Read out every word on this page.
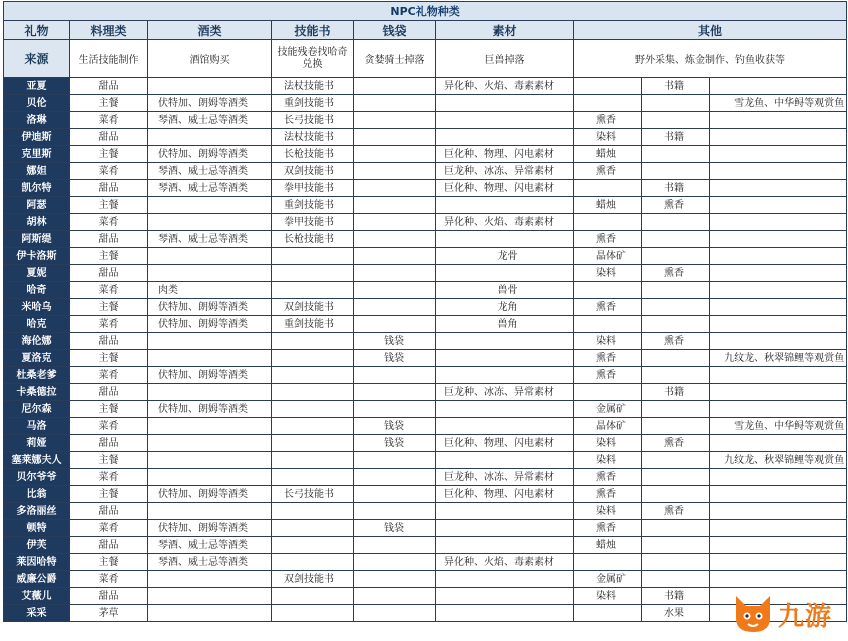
NPC礼物种类								
礼物	料理类	酒类	技能书	钱袋	素材	其他		
来源	生活技能制作	酒馆购买	技能残卷找哈奇兑换	贪婪骑士掉落	巨兽掉落	野外采集、炼金制作、钓鱼收获等		
亚夏	甜品		法杖技能书		异化种、火焰、毒素素材		书籍	
贝伦	主餐	伏特加、朗姆等酒类	重剑技能书					雪龙鱼、中华鲟等观赏鱼
洛琳	菜肴	琴酒、威士忌等酒类	长弓技能书			熏香		
伊迪斯	甜品		法杖技能书			染料	书籍	
克里斯	主餐	伏特加、朗姆等酒类	长枪技能书		巨化种、物理、闪电素材	蜡烛		
娜妲	菜肴	琴酒、威士忌等酒类	双剑技能书		巨龙种、冰冻、异常素材	熏香		
凯尔特	甜品	琴酒、威士忌等酒类	拳甲技能书		巨化种、物理、闪电素材		书籍	
阿瑟	主餐		重剑技能书			蜡烛	熏香	
胡林	菜肴		拳甲技能书		异化种、火焰、毒素素材			
阿斯缇	甜品	琴酒、威士忌等酒类	长枪技能书			熏香		
伊卡洛斯	主餐				龙骨	晶体矿		
夏妮	甜品					染料	熏香	
哈奇	菜肴	肉类			兽骨			
米哈乌	主餐	伏特加、朗姆等酒类	双剑技能书		龙角	熏香		
哈克	菜肴	伏特加、朗姆等酒类	重剑技能书		兽角			
海伦娜	甜品			钱袋		染料	熏香	
夏洛克	主餐			钱袋		熏香		九纹龙、秋翠锦鲤等观赏鱼
杜桑老爹	菜肴	伏特加、朗姆等酒类				熏香		
卡桑德拉	甜品				巨龙种、冰冻、异常素材		书籍	
尼尔森	主餐	伏特加、朗姆等酒类				金属矿		
马洛	菜肴			钱袋		晶体矿		雪龙鱼、中华鲟等观赏鱼
莉娅	甜品			钱袋	巨化种、物理、闪电素材	染料	熏香	
塞莱娜夫人	主餐					染料		九纹龙、秋翠锦鲤等观赏鱼
贝尔爷爷	菜肴				巨龙种、冰冻、异常素材	熏香		
比翁	主餐	伏特加、朗姆等酒类	长弓技能书		巨化种、物理、闪电素材	熏香		
多洛丽丝	甜品					染料	熏香	
顿特	菜肴	伏特加、朗姆等酒类		钱袋		熏香		
伊芙	甜品	琴酒、威士忌等酒类				蜡烛		
莱因哈特	主餐	琴酒、威士忌等酒类			异化种、火焰、毒素素材			
威廉公爵	菜肴		双剑技能书			金属矿		
艾薇儿	甜品					染料	书籍	
采采	茅草						水果		九游
